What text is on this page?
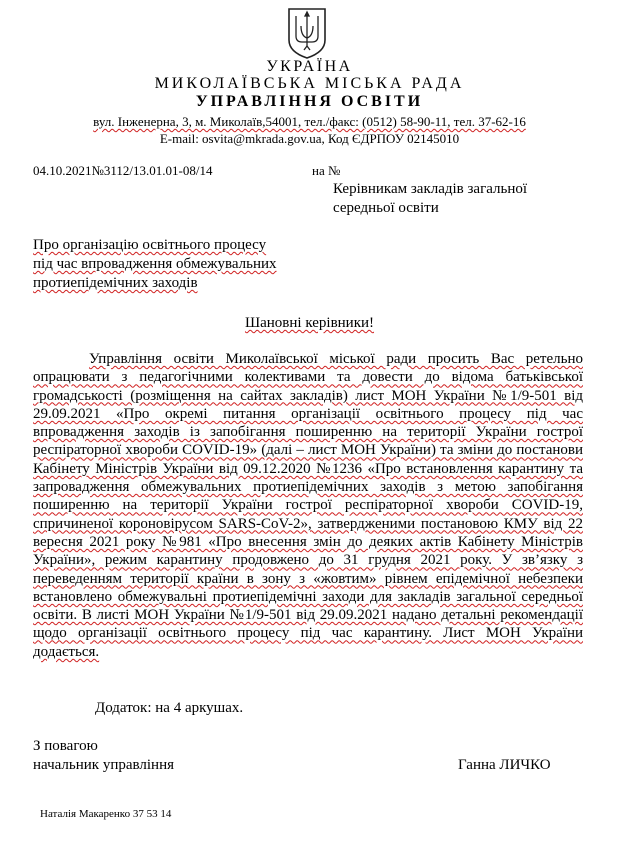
УКРАЇНА
МИКОЛАЇВСЬКА МІСЬКА РАДА
УПРАВЛІННЯ ОСВІТИ
вул. Інженерна, 3, м. Миколаїв,54001, тел./факс: (0512) 58-90-11, тел. 37-62-16
E-mail: osvita@mkrada.gov.ua, Код ЄДРПОУ 02145010
04.10.2021№3112/13.01.01-08/14	на №
Керівникам закладів загальної
середньої освіти
Про організацію освітнього процесу
під час впровадження обмежувальних
протиепідемічних заходів
Шановні керівники!
Управління освіти Миколаївської міської ради просить Вас ретельно опрацювати з педагогічними колективами та довести до відома батьківської громадськості (розміщення на сайтах закладів) лист МОН України №1/9-501 від 29.09.2021 «Про окремі питання організації освітнього процесу під час впровадження заходів із запобігання поширенню на території України гострої респіраторної хвороби COVID-19» (далі – лист МОН України) та зміни до постанови Кабінету Міністрів України від 09.12.2020 №1236 «Про встановлення карантину та запровадження обмежувальних протиепідемічних заходів з метою запобігання поширенню на території України гострої респіраторної хвороби COVID-19, спричиненої короновірусом SARS-CoV-2», затвердженими постановою КМУ від 22 вересня 2021 року №981 «Про внесення змін до деяких актів Кабінету Міністрів України», режим карантину продовжено до 31 грудня 2021 року. У зв’язку з переведенням території країни в зону з «жовтим» рівнем епідемічної небезпеки встановлено обмежувальні протиепідемічні заходи для закладів загальної середньої освіти. В листі МОН України №1/9-501 від 29.09.2021 надано детальні рекомендації щодо організації освітнього процесу під час карантину. Лист МОН України додається.
Додаток: на 4 аркушах.
З повагою
начальник управління	Ганна ЛИЧКО
Наталія Макаренко 37 53 14
